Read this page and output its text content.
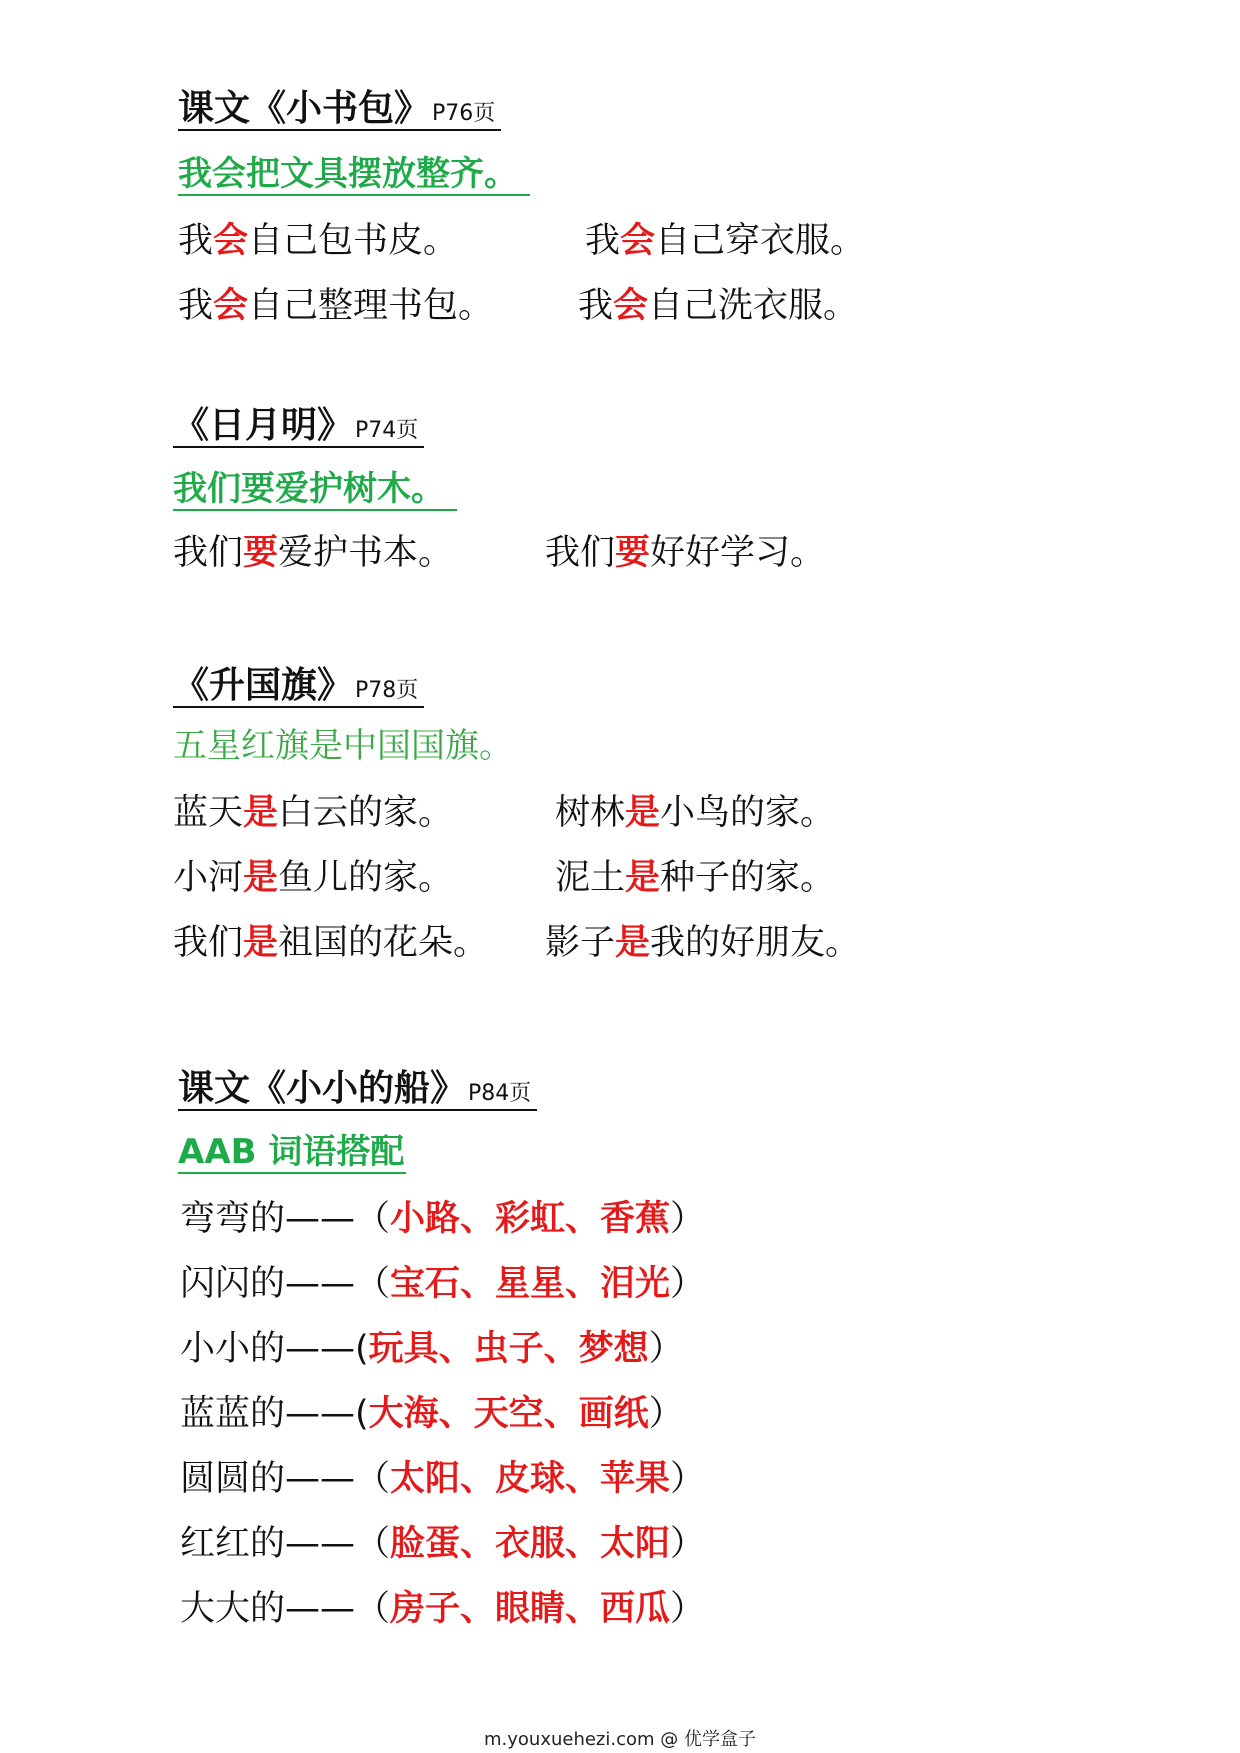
课文《小书包》P76页
我会把文具摆放整齐。
我会自己包书皮。	我会自己穿衣服。
我会自己整理书包。 我会自己洗衣服。
《日月明》P74页
我们要爱护树木。
我们要爱护书本。	我们要好好学习。
《升国旗》P78页
五星红旗是中国国旗。
蓝天是白云的家。	树林是小鸟的家。
小河是鱼儿的家。	泥土是种子的家。
我们是祖国的花朵。 影子是我的好朋友。
课文《小小的船》P84页
AAB 词语搭配
弯弯的——（小路、彩虹、香蕉）
闪闪的——（宝石、星星、泪光）
小小的——(玩具、虫子、梦想）
蓝蓝的——(大海、天空、画纸）
圆圆的——（太阳、皮球、苹果）
红红的——（脸蛋、衣服、太阳）
大大的——（房子、眼睛、西瓜）
m.youxuehezi.com @ 优学盒子
